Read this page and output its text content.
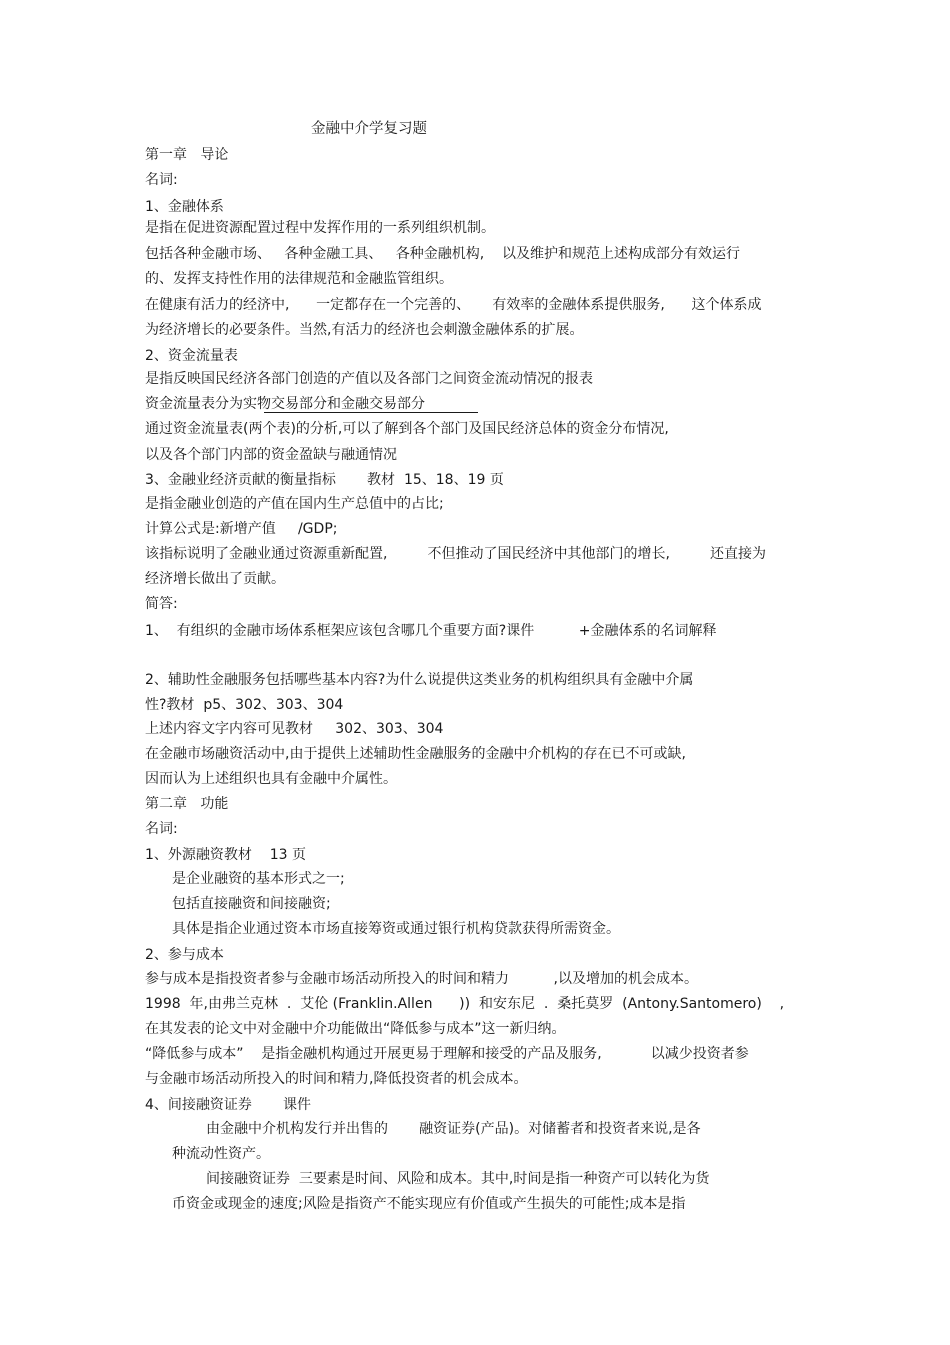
金融中介学复习题
第一章   导论
名词:
1、金融体系
是指在促进资源配置过程中发挥作用的一系列组织机制。
包括各种金融市场、   各种金融工具、   各种金融机构,    以及维护和规范上述构成部分有效运行
的、发挥支持性作用的法律规范和金融监管组织。
在健康有活力的经济中,      一定都存在一个完善的、     有效率的金融体系提供服务,      这个体系成
为经济增长的必要条件。当然,有活力的经济也会刺激金融体系的扩展。
2、资金流量表
是指反映国民经济各部门创造的产值以及各部门之间资金流动情况的报表
资金流量表分为实物交易部分和金融交易部分
通过资金流量表(两个表)的分析,可以了解到各个部门及国民经济总体的资金分布情况,
以及各个部门内部的资金盈缺与融通情况
3、金融业经济贡献的衡量指标       教材  15、18、19 页
是指金融业创造的产值在国内生产总值中的占比;
计算公式是:新增产值     /GDP;
该指标说明了金融业通过资源重新配置,         不但推动了国民经济中其他部门的增长,         还直接为
经济增长做出了贡献。
简答:
1、  有组织的金融市场体系框架应该包含哪几个重要方面?课件          +金融体系的名词解释
2、辅助性金融服务包括哪些基本内容?为什么说提供这类业务的机构组织具有金融中介属
性?教材  p5、302、303、304
上述内容文字内容可见教材     302、303、304
在金融市场融资活动中,由于提供上述辅助性金融服务的金融中介机构的存在已不可或缺,
因而认为上述组织也具有金融中介属性。
第二章   功能
名词:
1、外源融资教材    13 页
是企业融资的基本形式之一;
包括直接融资和间接融资;
具体是指企业通过资本市场直接筹资或通过银行机构贷款获得所需资金。
2、参与成本
参与成本是指投资者参与金融市场活动所投入的时间和精力          ,以及增加的机会成本。
1998  年,由弗兰克林  .  艾伦 (Franklin.Allen      ))  和安东尼  .  桑托莫罗  (Antony.Santomero)    ,
在其发表的论文中对金融中介功能做出“降低参与成本”这一新归纳。
“降低参与成本”    是指金融机构通过开展更易于理解和接受的产品及服务,           以减少投资者参
与金融市场活动所投入的时间和精力,降低投资者的机会成本。
4、间接融资证券       课件
由金融中介机构发行并出售的       融资证券(产品)。对储蓄者和投资者来说,是各
种流动性资产。
间接融资证券  三要素是时间、风险和成本。其中,时间是指一种资产可以转化为货
币资金或现金的速度;风险是指资产不能实现应有价值或产生损失的可能性;成本是指
